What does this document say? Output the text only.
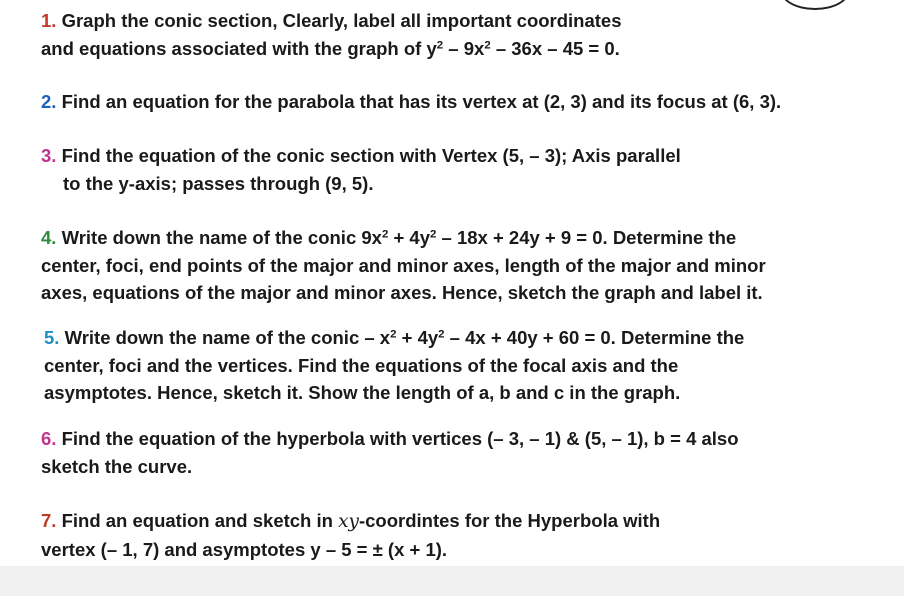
1. Graph the conic section, Clearly, label all important coordinates
and equations associated with the graph of $y^2 - 9x^2 - 36x - 45 = 0$.
2. Find an equation for the parabola that has its vertex at (2, 3) and its focus at (6, 3).
3. Find the equation of the conic section with Vertex (5, – 3); Axis parallel
to the y-axis; passes through (9, 5).
4. Write down the name of the conic $9x^2 + 4y^2 - 18x + 24y + 9 = 0$. Determine the
center, foci, end points of the major and minor axes, length of the major and minor
axes, equations of the major and minor axes. Hence, sketch the graph and label it.
5. Write down the name of the conic – $x^2 + 4y^2 - 4x + 40y + 60 = 0$. Determine the
center, foci and the vertices. Find the equations of the focal axis and the
asymptotes. Hence, sketch it. Show the length of a, b and c in the graph.
6. Find the equation of the hyperbola with vertices (– 3, – 1) & (5, – 1), b = 4 also
sketch the curve.
7. Find an equation and sketch in xy-coordintes for the Hyperbola with
vertex (– 1, 7) and asymptotes y – 5 = ± (x + 1).
